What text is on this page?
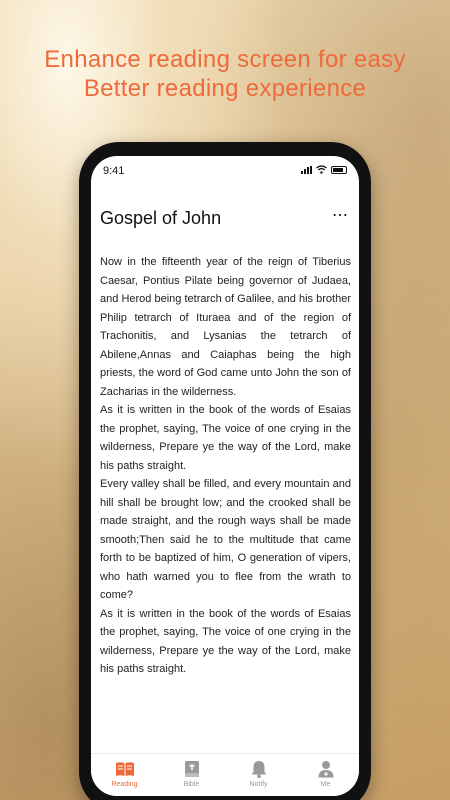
Enhance reading screen for easy
Better reading experience
9:41
Gospel of John	⋯

Now in the fifteenth year of the reign of Tiberius Caesar, Pontius Pilate being governor of Judaea, and Herod being tetrarch of Galilee, and his brother Philip tetrarch of Ituraea and of the region of Trachonitis, and Lysanias the tetrarch of Abilene,Annas and Caiaphas being the high priests, the word of God came unto John the son of Zacharias in the wilderness.

As it is written in the book of the words of Esaias the prophet, saying, The voice of one crying in the wilderness, Prepare ye the way of the Lord, make his paths straight.

Every valley shall be filled, and every mountain and hill shall be brought low; and the crooked shall be made straight, and the rough ways shall be made smooth;Then said he to the multitude that came forth to be baptized of him, O generation of vipers, who hath warned you to flee from the wrath to come?

As it is written in the book of the words of Esaias the prophet, saying, The voice of one crying in the wilderness, Prepare ye the way of the Lord, make his paths straight.

Reading	Bible	Notify	Me
